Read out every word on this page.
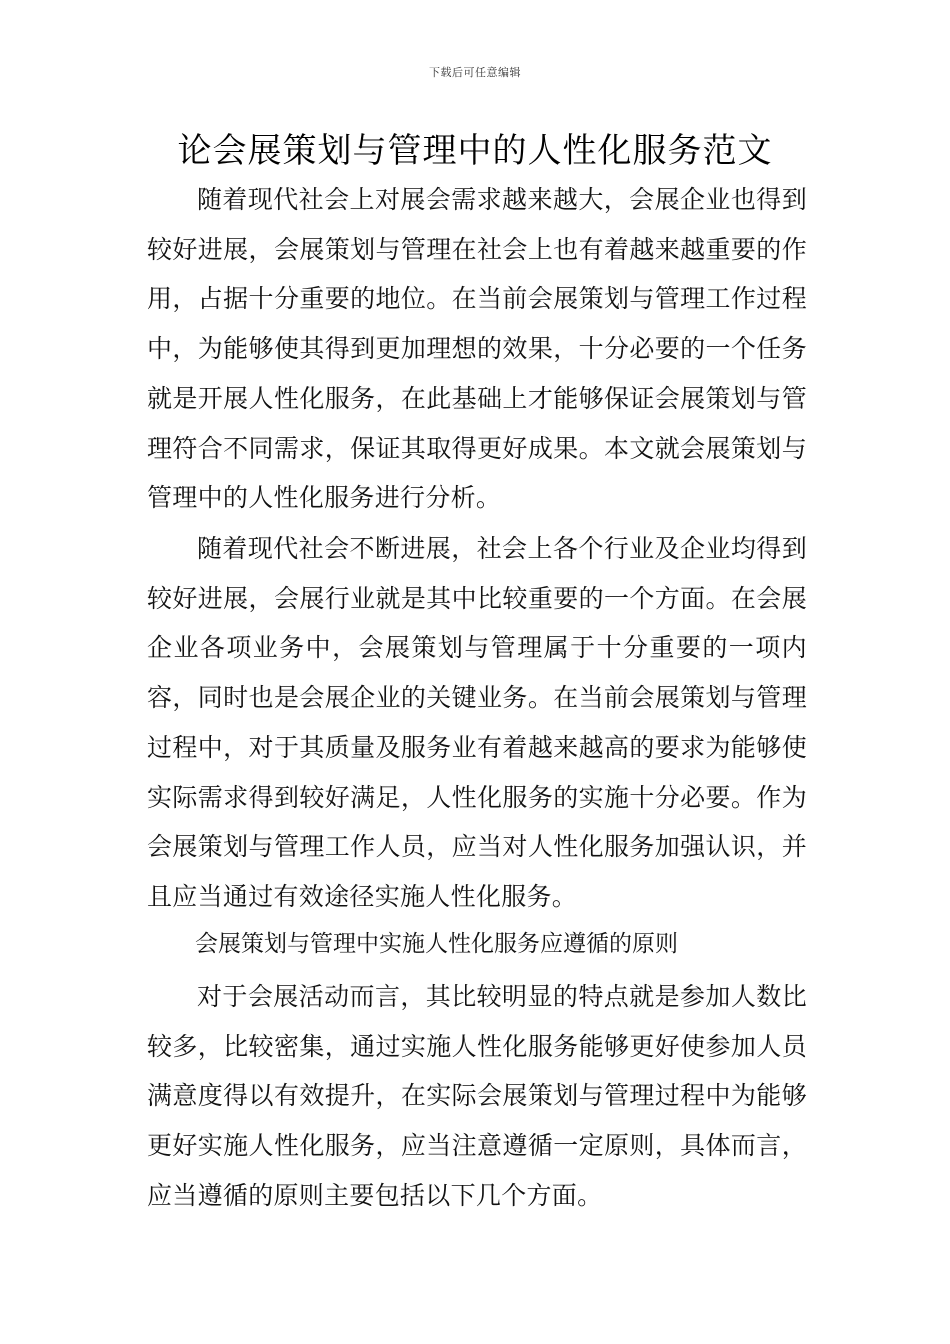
下载后可任意编辑
论会展策划与管理中的人性化服务范文

随着现代社会上对展会需求越来越大，会展企业也得到较好进展，会展策划与管理在社会上也有着越来越重要的作用，占据十分重要的地位。在当前会展策划与管理工作过程中，为能够使其得到更加理想的效果，十分必要的一个任务就是开展人性化服务，在此基础上才能够保证会展策划与管理符合不同需求，保证其取得更好成果。本文就会展策划与管理中的人性化服务进行分析。

随着现代社会不断进展，社会上各个行业及企业均得到较好进展，会展行业就是其中比较重要的一个方面。在会展企业各项业务中，会展策划与管理属于十分重要的一项内容，同时也是会展企业的关键业务。在当前会展策划与管理过程中，对于其质量及服务业有着越来越高的要求为能够使实际需求得到较好满足，人性化服务的实施十分必要。作为会展策划与管理工作人员，应当对人性化服务加强认识，并且应当通过有效途径实施人性化服务。

会展策划与管理中实施人性化服务应遵循的原则

对于会展活动而言，其比较明显的特点就是参加人数比较多，比较密集，通过实施人性化服务能够更好使参加人员满意度得以有效提升，在实际会展策划与管理过程中为能够更好实施人性化服务，应当注意遵循一定原则，具体而言，应当遵循的原则主要包括以下几个方面。
